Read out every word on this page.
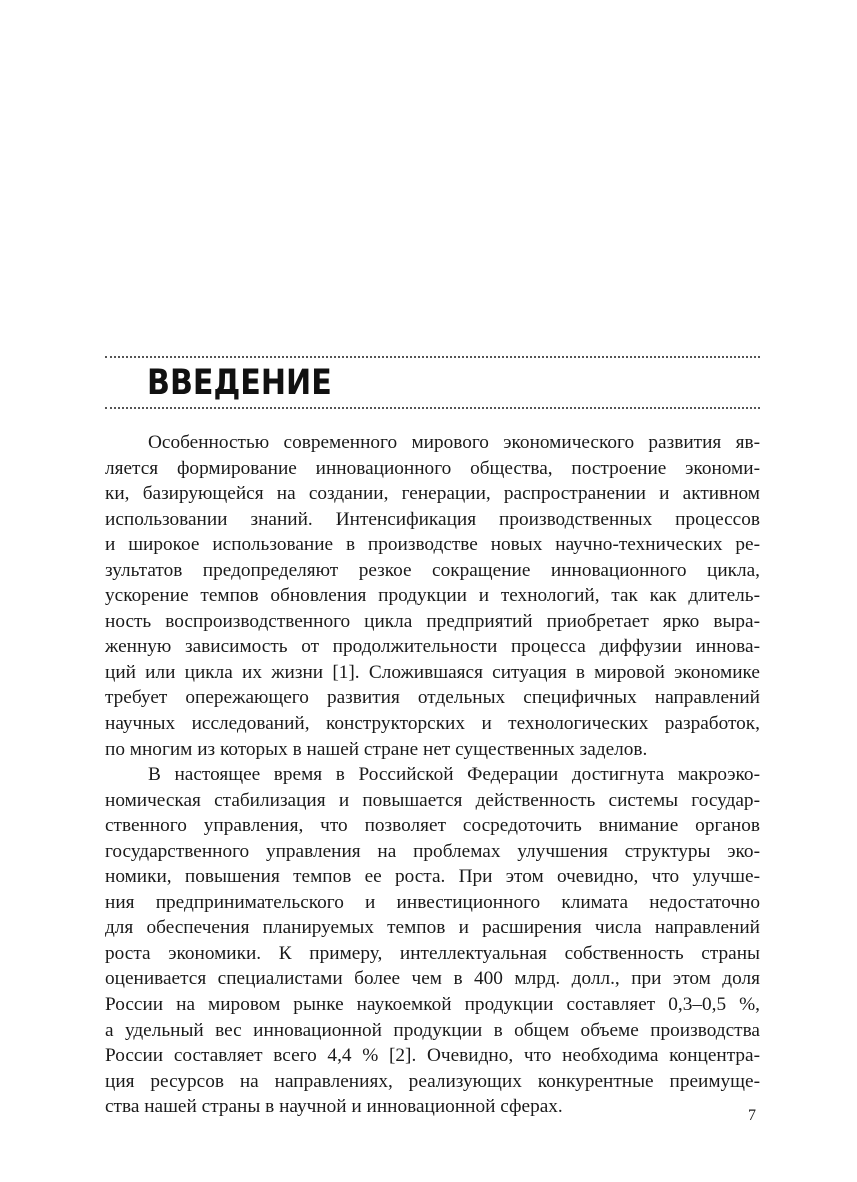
ВВЕДЕНИЕ
Особенностью современного мирового экономического развития яв-
ляется формирование инновационного общества, построение экономи-
ки, базирующейся на создании, генерации, распространении и активном
использовании знаний. Интенсификация производственных процессов
и широкое использование в производстве новых научно-технических ре-
зультатов предопределяют резкое сокращение инновационного цикла,
ускорение темпов обновления продукции и технологий, так как длитель-
ность воспроизводственного цикла предприятий приобретает ярко выра-
женную зависимость от продолжительности процесса диффузии иннова-
ций или цикла их жизни [1]. Сложившаяся ситуация в мировой экономике
требует опережающего развития отдельных специфичных направлений
научных исследований, конструкторских и технологических разработок,
по многим из которых в нашей стране нет существенных заделов.
В настоящее время в Российской Федерации достигнута макроэко-
номическая стабилизация и повышается действенность системы государ-
ственного управления, что позволяет сосредоточить внимание органов
государственного управления на проблемах улучшения структуры эко-
номики, повышения темпов ее роста. При этом очевидно, что улучше-
ния предпринимательского и инвестиционного климата недостаточно
для обеспечения планируемых темпов и расширения числа направлений
роста экономики. К примеру, интеллектуальная собственность страны
оценивается специалистами более чем в 400 млрд. долл., при этом доля
России на мировом рынке наукоемкой продукции составляет 0,3–0,5 %,
а удельный вес инновационной продукции в общем объеме производства
России составляет всего 4,4 % [2]. Очевидно, что необходима концентра-
ция ресурсов на направлениях, реализующих конкурентные преимуще-
ства нашей страны в научной и инновационной сферах.	7
